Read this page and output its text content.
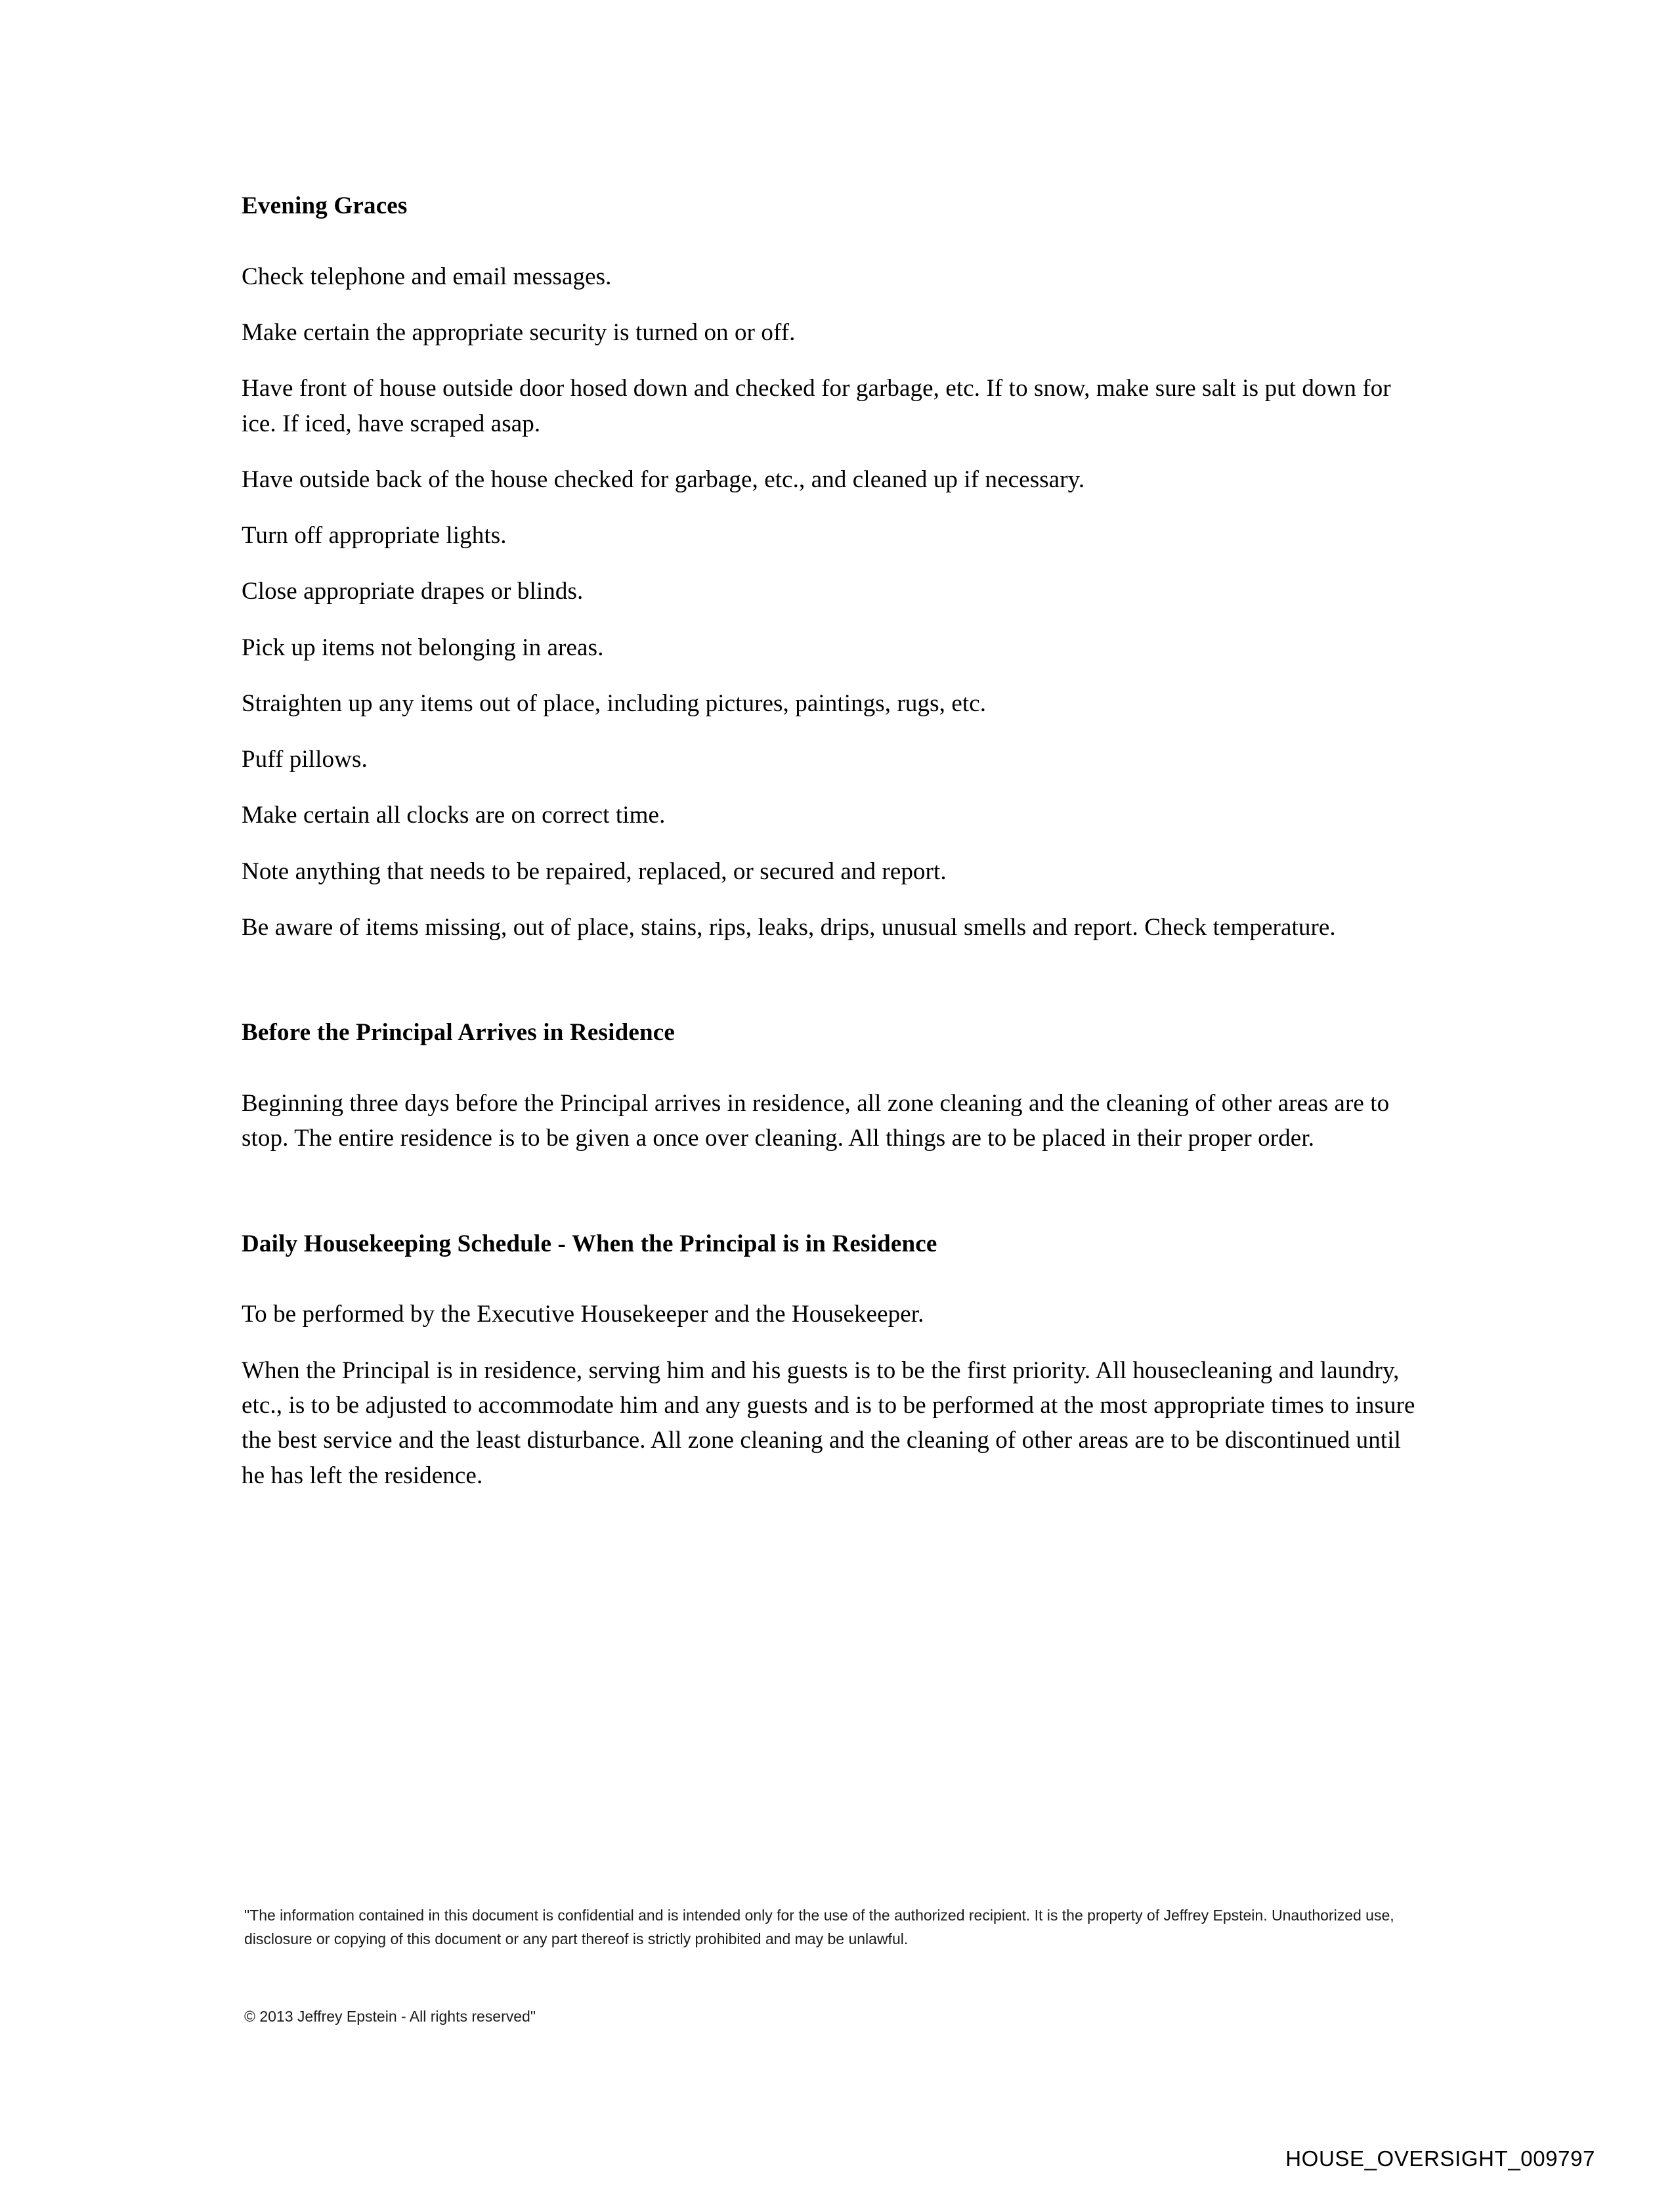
Evening Graces

Check telephone and email messages.

Make certain the appropriate security is turned on or off.

Have front of house outside door hosed down and checked for garbage, etc. If to snow, make sure salt is put down for ice. If iced, have scraped asap.

Have outside back of the house checked for garbage, etc., and cleaned up if necessary.

Turn off appropriate lights.

Close appropriate drapes or blinds.

Pick up items not belonging in areas.

Straighten up any items out of place, including pictures, paintings, rugs, etc.

Puff pillows.

Make certain all clocks are on correct time.

Note anything that needs to be repaired, replaced, or secured and report.

Be aware of items missing, out of place, stains, rips, leaks, drips, unusual smells and report. Check temperature.

Before the Principal Arrives in Residence

Beginning three days before the Principal arrives in residence, all zone cleaning and the cleaning of other areas are to stop. The entire residence is to be given a once over cleaning. All things are to be placed in their proper order.

Daily Housekeeping Schedule - When the Principal is in Residence

To be performed by the Executive Housekeeper and the Housekeeper.

When the Principal is in residence, serving him and his guests is to be the first priority. All housecleaning and laundry, etc., is to be adjusted to accommodate him and any guests and is to be performed at the most appropriate times to insure the best service and the least disturbance. All zone cleaning and the cleaning of other areas are to be discontinued until he has left the residence.

"The information contained in this document is confidential and is intended only for the use of the authorized recipient. It is the property of Jeffrey Epstein. Unauthorized use, disclosure or copying of this document or any part thereof is strictly prohibited and may be unlawful.
© 2013 Jeffrey Epstein - All rights reserved"
HOUSE_OVERSIGHT_009797
